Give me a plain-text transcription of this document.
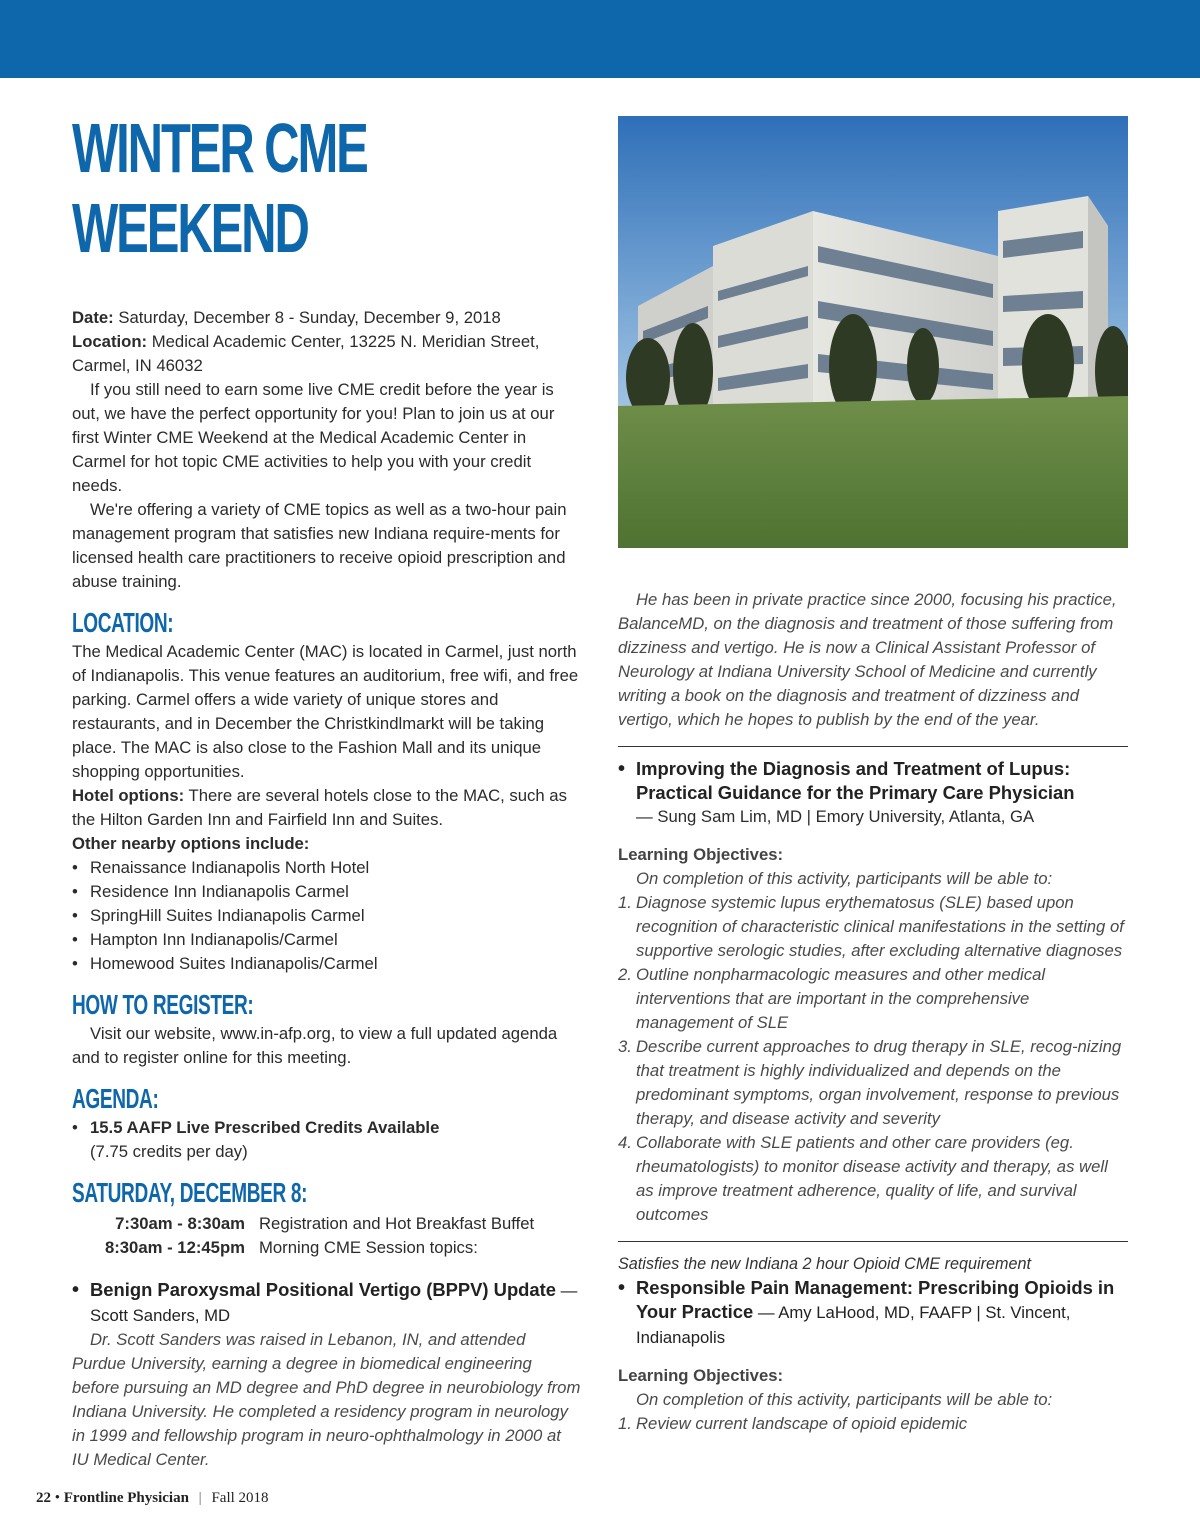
WINTER CME
WEEKEND

Date: Saturday, December 8 - Sunday, December 9, 2018

Location: Medical Academic Center, 13225 N. Meridian Street, Carmel, IN 46032

If you still need to earn some live CME credit before the year is out, we have the perfect opportunity for you! Plan to join us at our first Winter CME Weekend at the Medical Academic Center in Carmel for hot topic CME activities to help you with your credit needs.

We're offering a variety of CME topics as well as a two-hour pain management program that satisfies new Indiana require-ments for licensed health care practitioners to receive opioid prescription and abuse training.

LOCATION:

The Medical Academic Center (MAC) is located in Carmel, just north of Indianapolis. This venue features an auditorium, free wifi, and free parking. Carmel offers a wide variety of unique stores and restaurants, and in December the Christkindlmarkt will be taking place. The MAC is also close to the Fashion Mall and its unique shopping opportunities.

Hotel options: There are several hotels close to the MAC, such as the Hilton Garden Inn and Fairfield Inn and Suites.

Other nearby options include:

• Renaissance Indianapolis North Hotel
• Residence Inn Indianapolis Carmel
• SpringHill Suites Indianapolis Carmel
• Hampton Inn Indianapolis/Carmel
• Homewood Suites Indianapolis/Carmel
HOW TO REGISTER:

Visit our website, www.in-afp.org, to view a full updated agenda and to register online for this meeting.

AGENDA:
• 15.5 AAFP Live Prescribed Credits Available
(7.75 credits per day)
SATURDAY, DECEMBER 8:
7:30am - 8:30am Registration and Hot Breakfast Buffet
8:30am - 12:45pm Morning CME Session topics:
• Benign Paroxysmal Positional Vertigo (BPPV) Update — Scott Sanders, MD

Dr. Scott Sanders was raised in Lebanon, IN, and attended Purdue University, earning a degree in biomedical engineering before pursuing an MD degree and PhD degree in neurobiology from Indiana University. He completed a residency program in neurology in 1999 and fellowship program in neuro-ophthalmology in 2000 at IU Medical Center.

He has been in private practice since 2000, focusing his practice, BalanceMD, on the diagnosis and treatment of those suffering from dizziness and vertigo. He is now a Clinical Assistant Professor of Neurology at Indiana University School of Medicine and currently writing a book on the diagnosis and treatment of dizziness and vertigo, which he hopes to publish by the end of the year.

• Improving the Diagnosis and Treatment of Lupus: Practical Guidance for the Primary Care Physician

— Sung Sam Lim, MD | Emory University, Atlanta, GA

Learning Objectives:

On completion of this activity, participants will be able to:

1. Diagnose systemic lupus erythematosus (SLE) based upon recognition of characteristic clinical manifestations in the setting of supportive serologic studies, after excluding alternative diagnoses
2. Outline nonpharmacologic measures and other medical interventions that are important in the comprehensive management of SLE
3. Describe current approaches to drug therapy in SLE, recog-nizing that treatment is highly individualized and depends on the predominant symptoms, organ involvement, response to previous therapy, and disease activity and severity
4. Collaborate with SLE patients and other care providers (eg. rheumatologists) to monitor disease activity and therapy, as well as improve treatment adherence, quality of life, and survival outcomes

Satisfies the new Indiana 2 hour Opioid CME requirement

• Responsible Pain Management: Prescribing Opioids in Your Practice — Amy LaHood, MD, FAAFP | St. Vincent, Indianapolis

Learning Objectives:

On completion of this activity, participants will be able to:

1. Review current landscape of opioid epidemic
22 • Frontline Physician | Fall 2018
